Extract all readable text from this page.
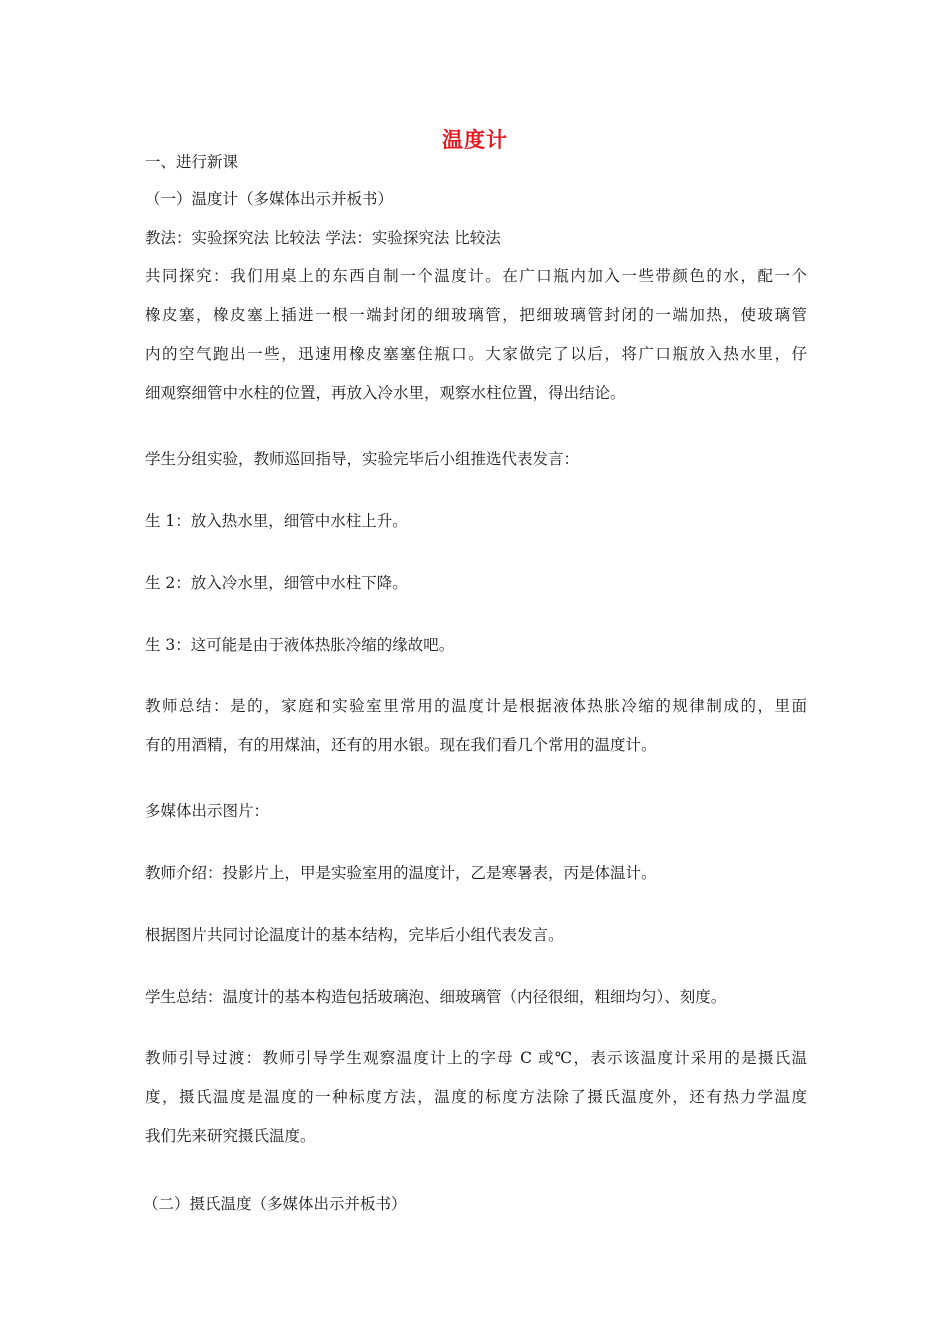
温度计
一、进行新课
（一）温度计（多媒体出示并板书）
教法：实验探究法 比较法 学法：实验探究法 比较法
共同探究：我们用桌上的东西自制一个温度计。在广口瓶内加入一些带颜色的水，配一个
橡皮塞，橡皮塞上插进一根一端封闭的细玻璃管，把细玻璃管封闭的一端加热，使玻璃管
内的空气跑出一些，迅速用橡皮塞塞住瓶口。大家做完了以后，将广口瓶放入热水里，仔
细观察细管中水柱的位置，再放入冷水里，观察水柱位置，得出结论。
学生分组实验，教师巡回指导，实验完毕后小组推选代表发言：
生 1：放入热水里，细管中水柱上升。
生 2：放入冷水里，细管中水柱下降。
生 3：这可能是由于液体热胀冷缩的缘故吧。
教师总结：是的，家庭和实验室里常用的温度计是根据液体热胀冷缩的规律制成的，里面
有的用酒精，有的用煤油，还有的用水银。现在我们看几个常用的温度计。
多媒体出示图片：
教师介绍：投影片上，甲是实验室用的温度计，乙是寒暑表，丙是体温计。
根据图片共同讨论温度计的基本结构，完毕后小组代表发言。
学生总结：温度计的基本构造包括玻璃泡、细玻璃管（内径很细，粗细均匀）、刻度。
教师引导过渡：教师引导学生观察温度计上的字母 C 或℃，表示该温度计采用的是摄氏温
度，摄氏温度是温度的一种标度方法，温度的标度方法除了摄氏温度外，还有热力学温度
我们先来研究摄氏温度。
（二）摄氏温度（多媒体出示并板书）
